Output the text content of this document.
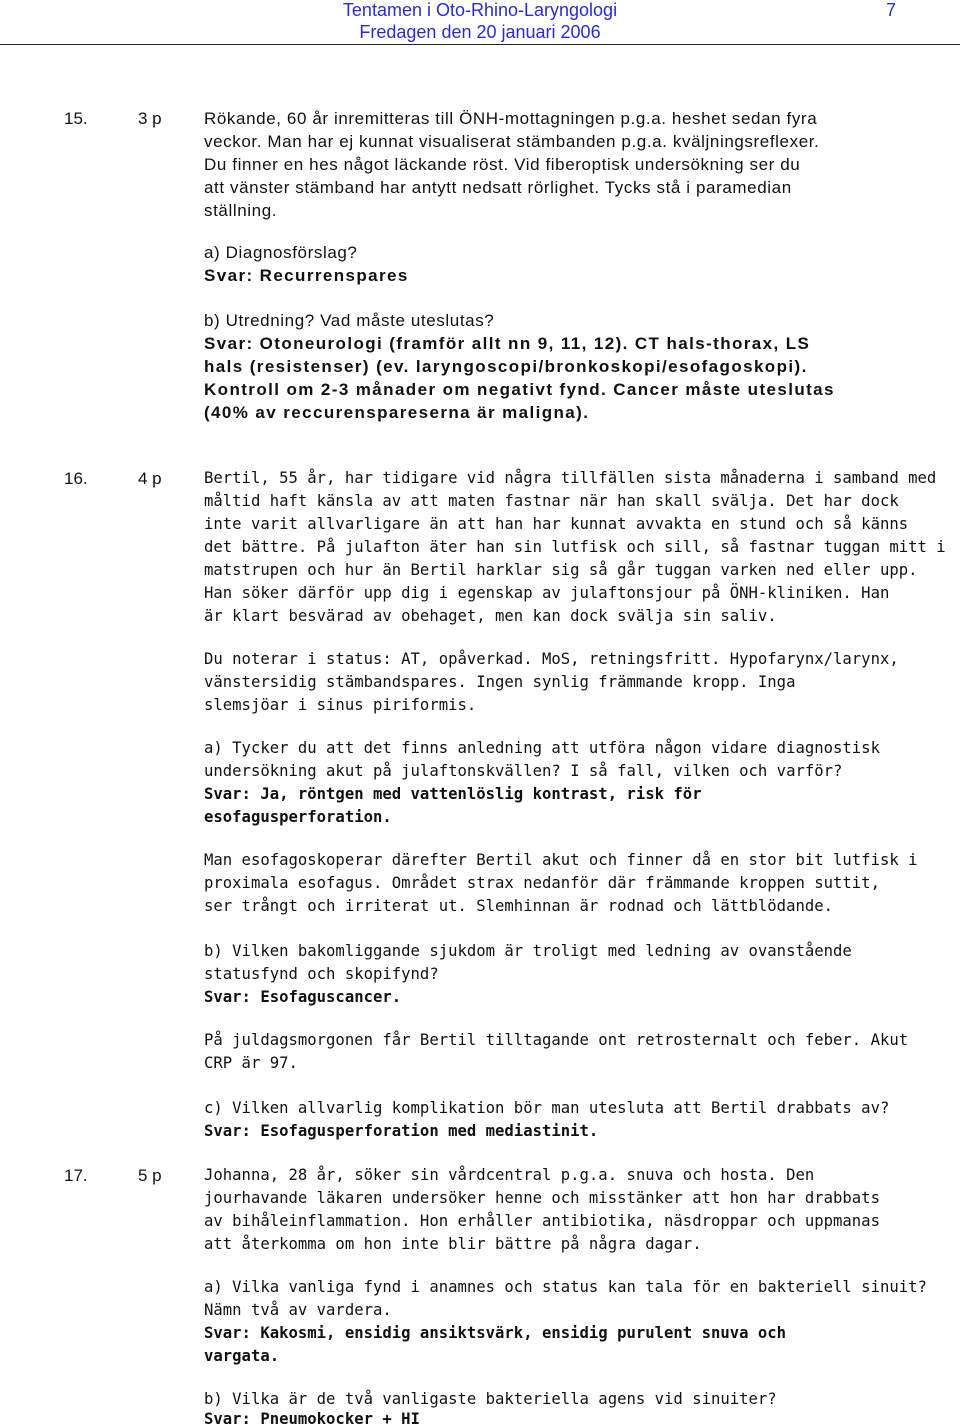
Tentamen i Oto-Rhino-Laryngologi
Fredagen den 20 januari 2006
7
15.	3 p Rökande, 60 år inremitteras till ÖNH-mottagningen p.g.a. heshet sedan fyra
veckor. Man har ej kunnat visualiserat stämbanden p.g.a. kväljningsreflexer.
Du finner en hes något läckande röst. Vid fiberoptisk undersökning ser du
att vänster stämband har antytt nedsatt rörlighet. Tycks stå i paramedian
ställning.
a) Diagnosförslag?
Svar: Recurrenspares
b) Utredning? Vad måste uteslutas?
Svar: Otoneurologi (framför allt nn 9, 11, 12). CT hals-thorax, LS
hals (resistenser) (ev. laryngoscopi/bronkoskopi/esofagoskopi).
Kontroll om 2-3 månader om negativt fynd. Cancer måste uteslutas
(40% av reccurenspareserna är maligna).
16.	4 p	Bertil, 55 år, har tidigare vid några tillfällen sista månaderna i samband med
måltid haft känsla av att maten fastnar när han skall svälja. Det har dock
inte varit allvarligare än att han har kunnat avvakta en stund och så känns
det bättre. På julafton äter han sin lutfisk och sill, så fastnar tuggan mitt i
matstrupen och hur än Bertil harklar sig så går tuggan varken ned eller upp.
Han söker därför upp dig i egenskap av julaftonsjour på ÖNH-kliniken. Han
är klart besvärad av obehaget, men kan dock svälja sin saliv.
Du noterar i status: AT, opåverkad. MoS, retningsfritt. Hypofarynx/larynx,
vänstersidig stämbandspares. Ingen synlig främmande kropp. Inga
slemsjöar i sinus piriformis.
a) Tycker du att det finns anledning att utföra någon vidare diagnostisk
undersökning akut på julaftonskvällen? I så fall, vilken och varför?
Svar: Ja, röntgen med vattenlöslig kontrast, risk för
esofagusperforation.
Man esofagoskoperar därefter Bertil akut och finner då en stor bit lutfisk i
proximala esofagus. Området strax nedanför där främmande kroppen suttit,
ser trångt och irriterat ut. Slemhinnan är rodnad och lättblödande.
b) Vilken bakomliggande sjukdom är troligt med ledning av ovanstående
statusfynd och skopifynd?
Svar: Esofaguscancer.
På juldagsmorgonen får Bertil tilltagande ont retrosternalt och feber. Akut
CRP är 97.
c) Vilken allvarlig komplikation bör man utesluta att Bertil drabbats av?
Svar: Esofagusperforation med mediastinit.
17.	5 p	Johanna, 28 år, söker sin vårdcentral p.g.a. snuva och hosta. Den
jourhavande läkaren undersöker henne och misstänker att hon har drabbats
av bihåleinflammation. Hon erhåller antibiotika, näsdroppar och uppmanas
att återkomma om hon inte blir bättre på några dagar.
a) Vilka vanliga fynd i anamnes och status kan tala för en bakteriell sinuit?
Nämn två av vardera.
Svar: Kakosmi, ensidig ansiktsvärk, ensidig purulent snuva och
vargata.
b) Vilka är de två vanligaste bakteriella agens vid sinuiter?
Svar: Pneumokocker + HI
